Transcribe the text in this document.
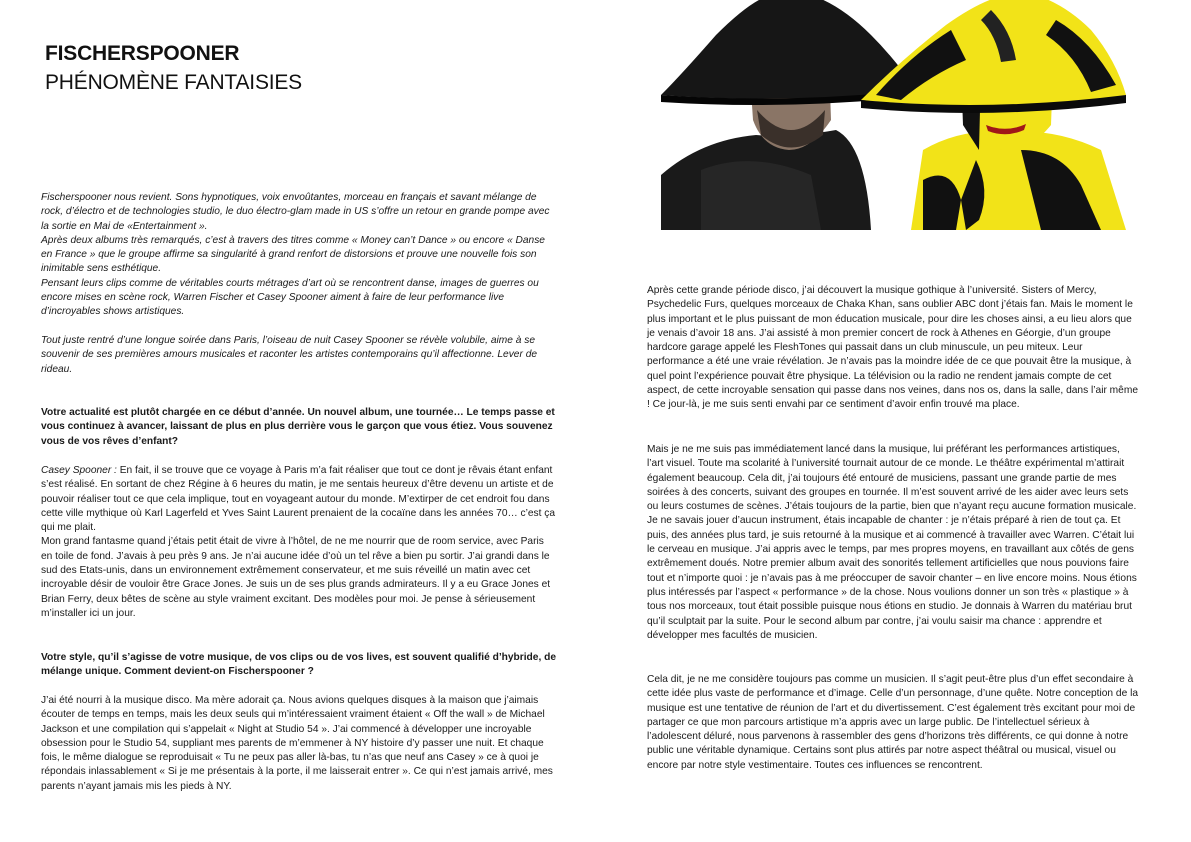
FISCHERSPOONER
PHÉNOMÈNE FANTAISIES

Fischerspooner nous revient. Sons hypnotiques, voix envoûtantes, morceau en français et savant mélange de rock, d’électro et de technologies studio, le duo électro-glam made in US s’offre un retour en grande pompe avec la sortie en Mai de «Entertainment ».

Après deux albums très remarqués, c’est à travers des titres comme « Money can’t Dance » ou encore « Danse en France » que le groupe affirme sa singularité à grand renfort de distorsions et prouve une nouvelle fois son inimitable sens esthétique.

Pensant leurs clips comme de véritables courts métrages d’art où se rencontrent danse, images de guerres ou encore mises en scène rock, Warren Fischer et Casey Spooner aiment à faire de leur performance live d’incroyables shows artistiques.

Tout juste rentré d’une longue soirée dans Paris, l’oiseau de nuit Casey Spooner se révèle volubile, aime à se souvenir de ses premières amours musicales et raconter les artistes contemporains qu’il affectionne. Lever de rideau.

Votre actualité est plutôt chargée en ce début d’année. Un nouvel album, une tournée… Le temps passe et vous continuez à avancer, laissant de plus en plus derrière vous le garçon que vous étiez. Vous souvenez vous de vos rêves d’enfant?

Casey Spooner : En fait, il se trouve que ce voyage à Paris m’a fait réaliser que tout ce dont je rêvais étant enfant s’est réalisé. En sortant de chez Régine à 6 heures du matin, je me sentais heureux d’être devenu un artiste et de pouvoir réaliser tout ce que cela implique, tout en voyageant autour du monde. M’extirper de cet endroit fou dans cette ville mythique où Karl Lagerfeld et Yves Saint Laurent prenaient de la cocaïne dans les années 70… c’est ça qui me plait.

Mon grand fantasme quand j’étais petit était de vivre à l’hôtel, de ne me nourrir que de room service, avec Paris en toile de fond. J’avais à peu près 9 ans. Je n’ai aucune idée d’où un tel rêve a bien pu sortir. J’ai grandi dans le sud des Etats-unis, dans un environnement extrêmement conservateur, et me suis réveillé un matin avec cet incroyable désir de vouloir être Grace Jones. Je suis un de ses plus grands admirateurs. Il y a eu Grace Jones et Brian Ferry, deux bêtes de scène au style vraiment excitant. Des modèles pour moi. Je pense à sérieusement m’installer ici un jour.

Votre style, qu’il s’agisse de votre musique, de vos clips ou de vos lives, est souvent qualifié d’hybride, de mélange unique. Comment devient-on Fischerspooner ?

J’ai été nourri à la musique disco. Ma mère adorait ça. Nous avions quelques disques à la maison que j’aimais écouter de temps en temps, mais les deux seuls qui m’intéressaient vraiment étaient « Off the wall » de Michael Jackson et une compilation qui s’appelait « Night at Studio 54 ». J’ai commencé à développer une incroyable obsession pour le Studio 54, suppliant mes parents de m’emmener à NY histoire d’y passer une nuit. Et chaque fois, le même dialogue se reproduisait « Tu ne peux pas aller là-bas, tu n’as que neuf ans Casey » ce à quoi je répondais inlassablement « Si je me présentais à la porte, il me laisserait entrer ». Ce qui n’est jamais arrivé, mes parents n’ayant jamais mis les pieds à NY.

Après cette grande période disco, j’ai découvert la musique gothique à l’université. Sisters of Mercy, Psychedelic Furs, quelques morceaux de Chaka Khan, sans oublier ABC dont j’étais fan. Mais le moment le plus important et le plus puissant de mon éducation musicale, pour dire les choses ainsi, a eu lieu alors que je venais d’avoir 18 ans. J’ai assisté à mon premier concert de rock à Athenes en Géorgie, d’un groupe hardcore garage appelé les FleshTones qui passait dans un club minuscule, un peu miteux. Leur performance a été une vraie révélation. Je n’avais pas la moindre idée de ce que pouvait être la musique, à quel point l’expérience pouvait être physique. La télévision ou la radio ne rendent jamais compte de cet aspect, de cette incroyable sensation qui passe dans nos veines, dans nos os, dans la salle, dans l’air même ! Ce jour-là, je me suis senti envahi par ce sentiment d’avoir enfin trouvé ma place.

Mais je ne me suis pas immédiatement lancé dans la musique, lui préférant les performances artistiques, l’art visuel. Toute ma scolarité à l’université tournait autour de ce monde. Le théâtre expérimental m’attirait également beaucoup. Cela dit, j’ai toujours été entouré de musiciens, passant une grande partie de mes soirées à des concerts, suivant des groupes en tournée. Il m’est souvent arrivé de les aider avec leurs sets ou leurs costumes de scènes. J’étais toujours de la partie, bien que n’ayant reçu aucune formation musicale. Je ne savais jouer d’aucun instrument, étais incapable de chanter : je n’étais préparé à rien de tout ça. Et puis, des années plus tard, je suis retourné à la musique et ai commencé à travailler avec Warren. C’était lui le cerveau en musique. J’ai appris avec le temps, par mes propres moyens, en travaillant aux côtés de gens extrêmement doués. Notre premier album avait des sonorités tellement artificielles que nous pouvions faire tout et n’importe quoi : je n’avais pas à me préoccuper de savoir chanter – en live encore moins. Nous étions plus intéressés par l’aspect « performance » de la chose. Nous voulions donner un son très « plastique » à tous nos morceaux, tout était possible puisque nous étions en studio. Je donnais à Warren du matériau brut qu’il sculptait par la suite. Pour le second album par contre, j’ai voulu saisir ma chance : apprendre et développer mes facultés de musicien.

Cela dit, je ne me considère toujours pas comme un musicien. Il s’agit peut-être plus d’un effet secondaire à cette idée plus vaste de performance et d’image. Celle d’un personnage, d’une quête. Notre conception de la musique est une tentative de réunion de l’art et du divertissement. C’est également très excitant pour moi de partager ce que mon parcours artistique m’a appris avec un large public. De l’intellectuel sérieux à l’adolescent déluré, nous parvenons à rassembler des gens d’horizons très différents, ce qui donne à notre public une véritable dynamique. Certains sont plus attirés par notre aspect théâtral ou musical, visuel ou encore par notre style vestimentaire. Toutes ces influences se rencontrent.
